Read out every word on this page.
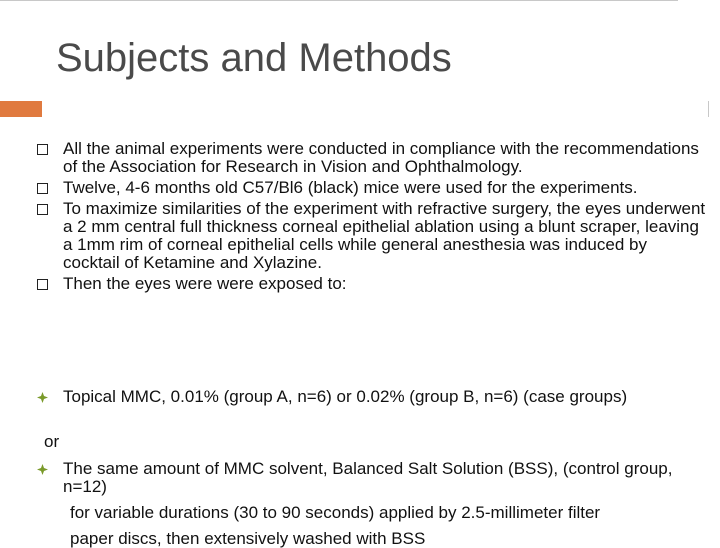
Subjects and Methods
All the animal experiments were conducted in compliance with the recommendations of the Association for Research in Vision and Ophthalmology.
Twelve, 4-6 months old C57/Bl6 (black) mice were used for the experiments.
To maximize similarities of the experiment with refractive surgery, the eyes underwent a 2 mm central full thickness corneal epithelial ablation using a blunt scraper, leaving a 1mm rim of corneal epithelial cells while general anesthesia was induced by cocktail of Ketamine and Xylazine.
Then the eyes were were exposed to:
Topical MMC, 0.01% (group A, n=6) or 0.02% (group B, n=6) (case groups)
or
The same amount of MMC solvent, Balanced Salt Solution (BSS), (control group, n=12)
for variable durations (30 to 90 seconds) applied by 2.5-millimeter filter
paper discs, then extensively washed with BSS
